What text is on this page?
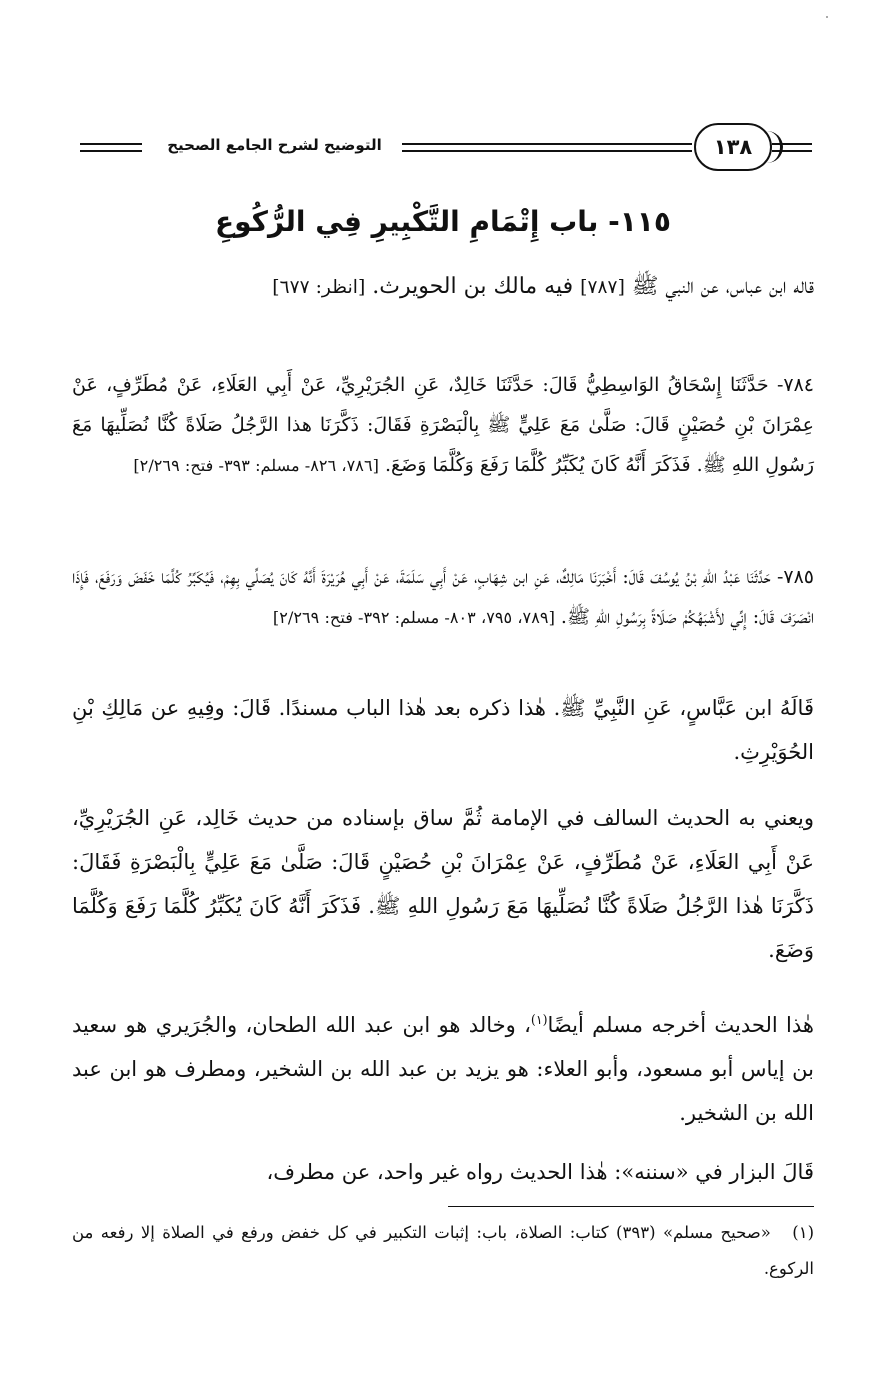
التوضيح لشرح الجامع الصحيح	١٣٨
١١٥- باب إِتْمَامِ التَّكْبِيرِ فِي الرُّكُوعِ
قاله ابن عباس، عن النبي ﷺ [٧٨٧] فيه مالك بن الحويرث. [انظر: ٦٧٧]
٧٨٤- حَدَّثَنَا إِسْحَاقُ الوَاسِطِيُّ قَالَ: حَدَّثَنَا خَالِدٌ، عَنِ الجُرَيْرِيِّ، عَنْ أَبِي العَلَاءِ، عَنْ مُطَرِّفٍ، عَنْ عِمْرَانَ بْنِ حُصَيْنٍ قَالَ: صَلَّىٰ مَعَ عَلِيٍّ ﷺ بِالْبَصْرَةِ فَقَالَ: ذَكَّرَنَا هذا الرَّجُلُ صَلَاةً كُنَّا نُصَلِّيهَا مَعَ رَسُولِ اللهِ ﷺ. فَذَكَرَ أَنَّهُ كَانَ يُكَبِّرُ كُلَّمَا رَفَعَ وَكُلَّمَا وَضَعَ. [٧٨٦، ٨٢٦- مسلم: ٣٩٣- فتح: ٢/٢٦٩]
٧٨٥- حَدَّثَنَا عَبْدُ اللهِ بْنُ يُوسُفَ قَالَ: أَخْبَرَنَا مَالِكٌ، عَنِ ابن شِهَابٍ، عَنْ أَبِي سَلَمَةَ، عَنْ أَبِي هُرَيْرَةَ أَنَّهُ كَانَ يُصَلِّي بِهِمْ، فَيُكَبِّرُ كُلَّمَا خَفَضَ وَرَفَعَ، فَإِذَا انْصَرَفَ قَالَ: إِنِّي لأَشْبَهُكُمْ صَلَاةً بِرَسُولِ اللهِ ﷺ. [٧٨٩، ٧٩٥، ٨٠٣- مسلم: ٣٩٢- فتح: ٢/٢٦٩]
قَالَهُ ابن عَبَّاسٍ، عَنِ النَّبِيِّ ﷺ. هٰذا ذكره بعد هٰذا الباب مسندًا. قَالَ: وفِيهِ عن مَالِكِ بْنِ الحُوَيْرِثِ.
ويعني به الحديث السالف في الإمامة ثُمَّ ساق بإسناده من حديث خَالِد، عَنِ الجُرَيْرِيِّ، عَنْ أَبِي العَلَاءِ، عَنْ مُطَرِّفٍ، عَنْ عِمْرَانَ بْنِ حُصَيْنٍ قَالَ: صَلَّىٰ مَعَ عَلِيٍّ بِالْبَصْرَةِ فَقَالَ: ذَكَّرَنَا هٰذا الرَّجُلُ صَلَاةً كُنَّا نُصَلِّيهَا مَعَ رَسُولِ اللهِ ﷺ. فَذَكَرَ أَنَّهُ كَانَ يُكَبِّرُ كُلَّمَا رَفَعَ وَكُلَّمَا وَضَعَ.
هٰذا الحديث أخرجه مسلم أيضًا$^{(١)}$، وخالد هو ابن عبد الله الطحان، والجُرَيري هو سعيد بن إياس أبو مسعود، وأبو العلاء: هو يزيد بن عبد الله بن الشخير، ومطرف هو ابن عبد الله بن الشخير.
قَالَ البزار في «سننه»: هٰذا الحديث رواه غير واحد، عن مطرف،
(١) «صحيح مسلم» (٣٩٣) كتاب: الصلاة، باب: إثبات التكبير في كل خفض ورفع في الصلاة إلا رفعه من الركوع.
